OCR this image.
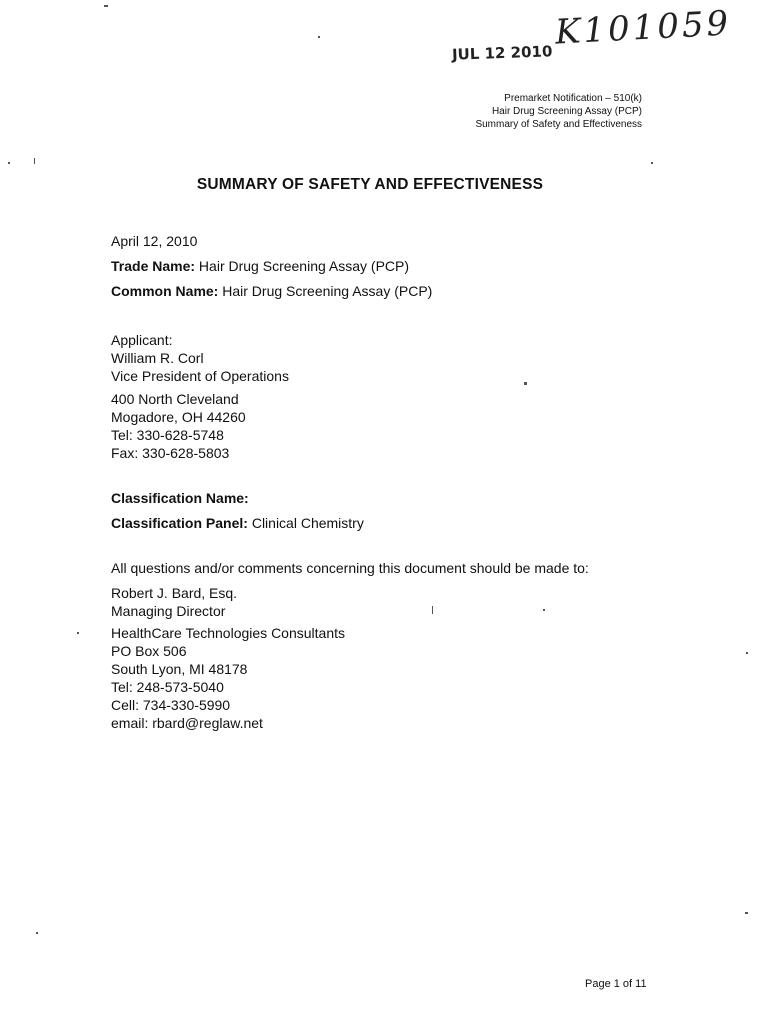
K101059
JUL 12 2010
Premarket Notification – 510(k)
Hair Drug Screening Assay (PCP)
Summary of Safety and Effectiveness
SUMMARY OF SAFETY AND EFFECTIVENESS

April 12, 2010

Trade Name: Hair Drug Screening Assay (PCP)

Common Name: Hair Drug Screening Assay (PCP)

Applicant:

William R. Corl

Vice President of Operations

400 North Cleveland

Mogadore, OH 44260

Tel: 330-628-5748

Fax: 330-628-5803

Classification Name:

Classification Panel: Clinical Chemistry

All questions and/or comments concerning this document should be made to:

Robert J. Bard, Esq.

Managing Director

HealthCare Technologies Consultants

PO Box 506

South Lyon, MI 48178

Tel: 248-573-5040

Cell: 734-330-5990

email: rbard@reglaw.net

Page 1 of 11
